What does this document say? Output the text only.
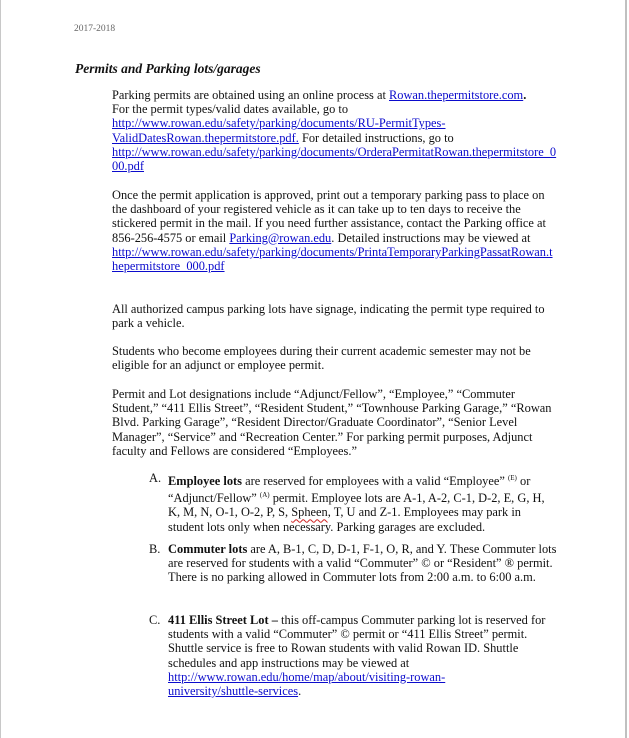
2017-2018
Permits and Parking lots/garages
Parking permits are obtained using an online process at Rowan.thepermitstore.com.
For the permit types/valid dates available, go to
http://www.rowan.edu/safety/parking/documents/RU-PermitTypes-
ValidDatesRowan.thepermitstore.pdf. For detailed instructions, go to
http://www.rowan.edu/safety/parking/documents/OrderaPermitatRowan.thepermitstore_0
00.pdf
Once the permit application is approved, print out a temporary parking pass to place on the dashboard of your registered vehicle as it can take up to ten days to receive the stickered permit in the mail. If you need further assistance, contact the Parking office at 856-256-4575 or email Parking@rowan.edu. Detailed instructions may be viewed at
http://www.rowan.edu/safety/parking/documents/PrintaTemporaryParkingPassatRowan.t
hepermitstore_000.pdf
All authorized campus parking lots have signage, indicating the permit type required to park a vehicle.
Students who become employees during their current academic semester may not be eligible for an adjunct or employee permit.
Permit and Lot designations include “Adjunct/Fellow”, “Employee,” “Commuter Student,” “411 Ellis Street”, “Resident Student,” “Townhouse Parking Garage,” “Rowan Blvd. Parking Garage”, “Resident Director/Graduate Coordinator”, “Senior Level Manager”, “Service” and “Recreation Center.” For parking permit purposes, Adjunct faculty and Fellows are considered “Employees.”
A. Employee lots are reserved for employees with a valid “Employee” $^{(E)}$ or “Adjunct/Fellow” $^{(A)}$ permit. Employee lots are A-1, A-2, C-1, D-2, E, G, H, K, M, N, O-1, O-2, P, S, Spheen, T, U and Z-1. Employees may park in student lots only when necessary. Parking garages are excluded.
B. Commuter lots are A, B-1, C, D, D-1, F-1, O, R, and Y. These Commuter lots are reserved for students with a valid “Commuter” © or “Resident” ® permit. There is no parking allowed in Commuter lots from 2:00 a.m. to 6:00 a.m.
C. 411 Ellis Street Lot – this off-campus Commuter parking lot is reserved for students with a valid “Commuter” © permit or “411 Ellis Street” permit. Shuttle service is free to Rowan students with valid Rowan ID. Shuttle schedules and app instructions may be viewed at
http://www.rowan.edu/home/map/about/visiting-rowan-
university/shuttle-services.
